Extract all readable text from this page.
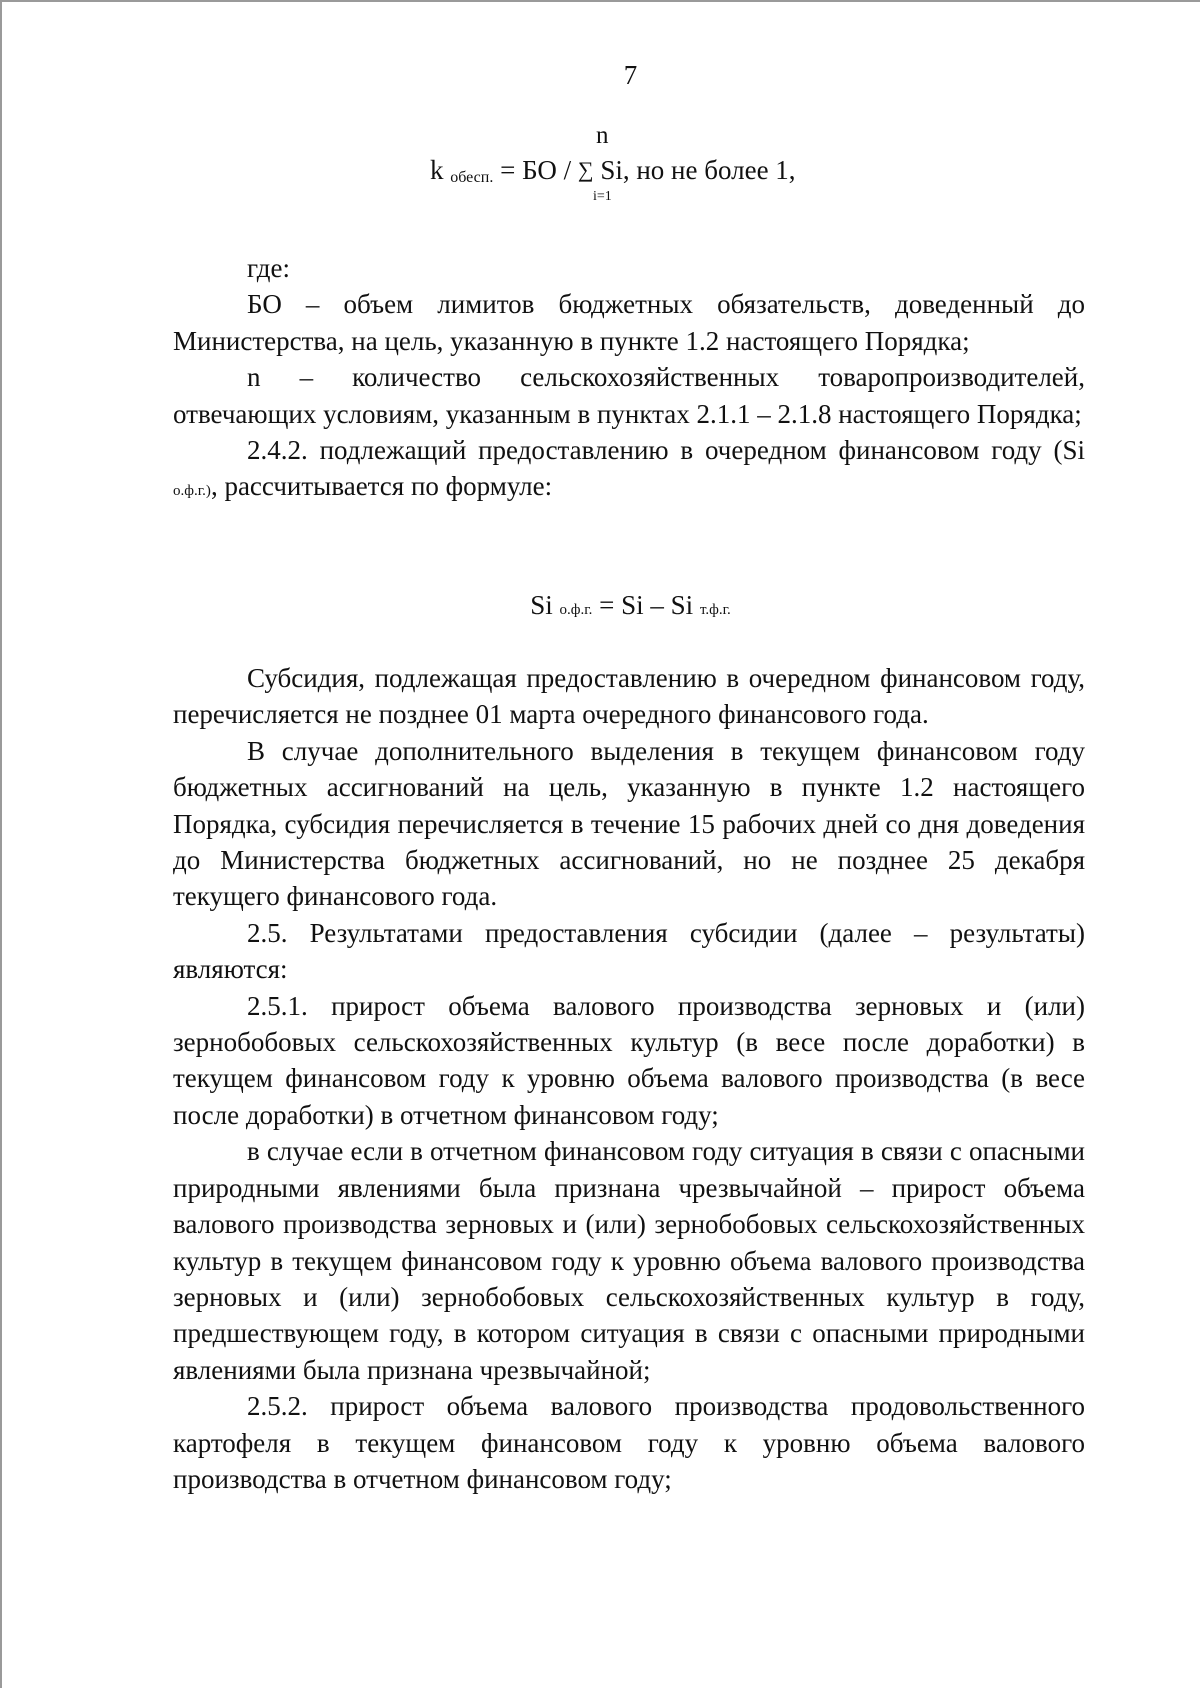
7
n
k обесп. = БО / ∑ Si, но не более 1,
i=1

где:

БО – объем лимитов бюджетных обязательств, доведенный до Министерства, на цель, указанную в пункте 1.2 настоящего Порядка;

n – количество сельскохозяйственных товаропроизводителей, отвечающих условиям, указанным в пунктах 2.1.1 – 2.1.8 настоящего Порядка;

2.4.2. подлежащий предоставлению в очередном финансовом году (Si о.ф.г.), рассчитывается по формуле:

Si о.ф.г. = Si – Si т.ф.г.

Субсидия, подлежащая предоставлению в очередном финансовом году, перечисляется не позднее 01 марта очередного финансового года.

В случае дополнительного выделения в текущем финансовом году бюджетных ассигнований на цель, указанную в пункте 1.2 настоящего Порядка, субсидия перечисляется в течение 15 рабочих дней со дня доведения до Министерства бюджетных ассигнований, но не позднее 25 декабря текущего финансового года.

2.5. Результатами предоставления субсидии (далее – результаты) являются:

2.5.1. прирост объема валового производства зерновых и (или) зернобобовых сельскохозяйственных культур (в весе после доработки) в текущем финансовом году к уровню объема валового производства (в весе после доработки) в отчетном финансовом году;

в случае если в отчетном финансовом году ситуация в связи с опасными природными явлениями была признана чрезвычайной – прирост объема валового производства зерновых и (или) зернобобовых сельскохозяйственных культур в текущем финансовом году к уровню объема валового производства зерновых и (или) зернобобовых сельскохозяйственных культур в году, предшествующем году, в котором ситуация в связи с опасными природными явлениями была признана чрезвычайной;

2.5.2. прирост объема валового производства продовольственного картофеля в текущем финансовом году к уровню объема валового производства в отчетном финансовом году;
